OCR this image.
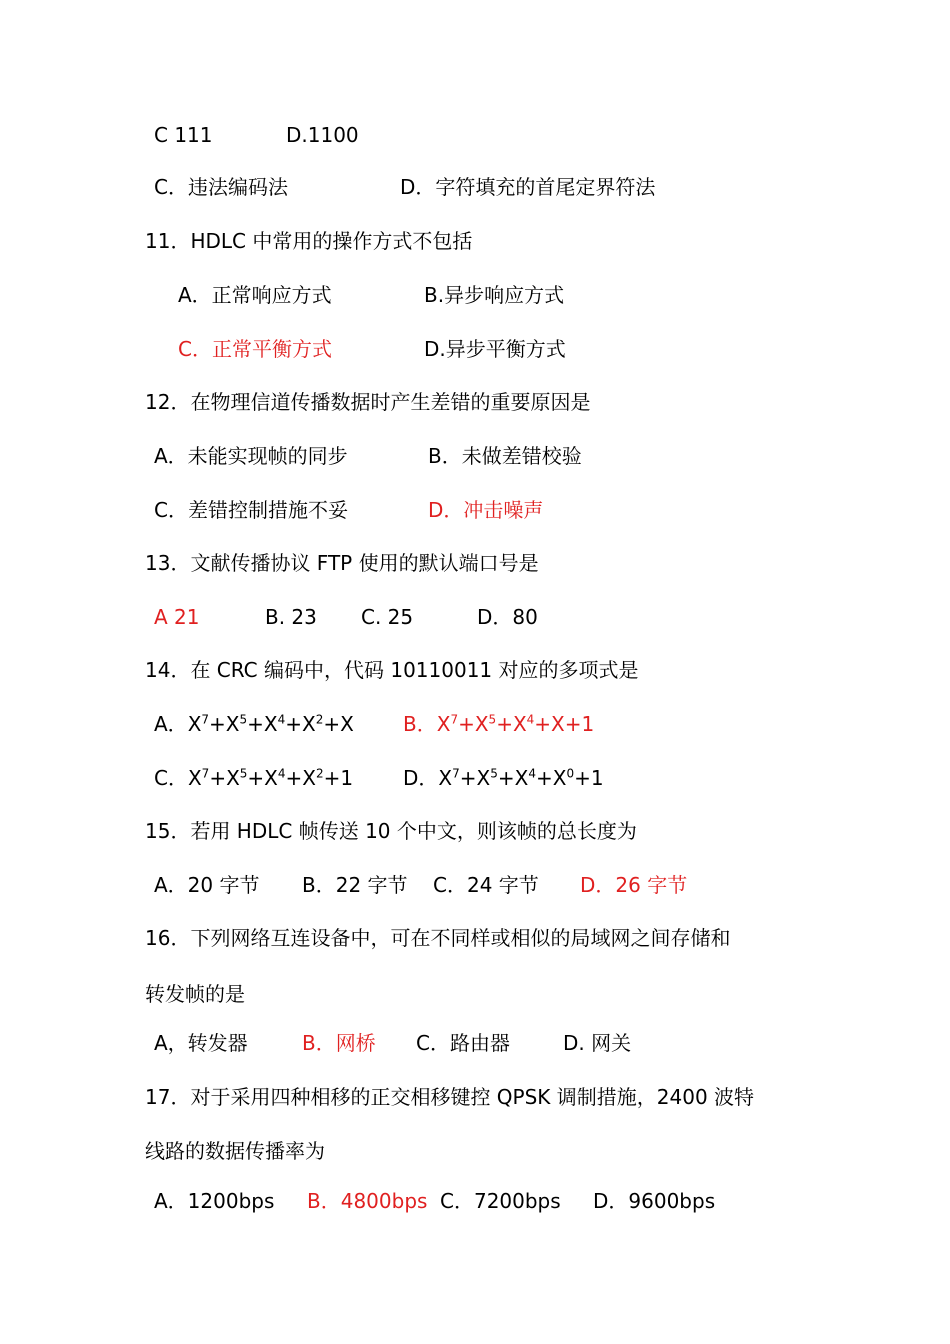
C 111	D.1100
C．违法编码法	D．字符填充的首尾定界符法
11．HDLC 中常用的操作方式不包括
A．正常响应方式	B.异步响应方式
C．正常平衡方式	D.异步平衡方式
12．在物理信道传播数据时产生差错的重要原因是
A．未能实现帧的同步	B．未做差错校验
C．差错控制措施不妥	D．冲击噪声
13．文献传播协议 FTP 使用的默认端口号是
A 21	B. 23 C. 25	D．80
14．在 CRC 编码中，代码 10110011 对应的多项式是
A．$X^7+X^5+X^4+X^2+X$ B．$X^7+X^5+X^4+X+1$
C．$X^7+X^5+X^4+X^2+1$ D．$X^7+X^5+X^4+X^0+1$
15．若用 HDLC 帧传送 10 个中文，则该帧的总长度为
A．20 字节 B．22 字节 C．24 字节 D．26 字节
16．下列网络互连设备中，可在不同样或相似的局域网之间存储和
转发帧的是
A，转发器	B．网桥 C．路由器	D. 网关
17．对于采用四种相移的正交相移键控 QPSK 调制措施，2400 波特
线路的数据传播率为
A．1200bps B．4800bps C．7200bps D．9600bps
